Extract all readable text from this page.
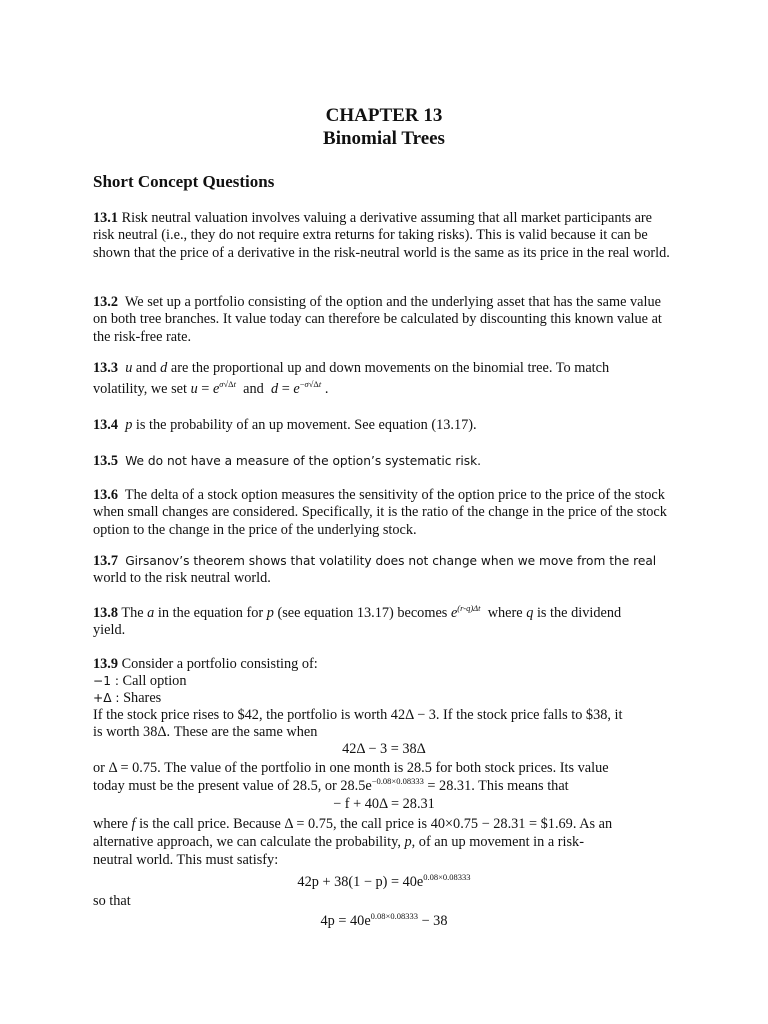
CHAPTER 13
Binomial Trees
Short Concept Questions
13.1 Risk neutral valuation involves valuing a derivative assuming that all market participants are risk neutral (i.e., they do not require extra returns for taking risks). This is valid because it can be shown that the price of a derivative in the risk-neutral world is the same as its price in the real world.
13.2 We set up a portfolio consisting of the option and the underlying asset that has the same value on both tree branches. It value today can therefore be calculated by discounting this known value at the risk-free rate.
13.3 u and d are the proportional up and down movements on the binomial tree. To match
volatility, we set $u = e^{\sigma√\Delta t}$ and $d = e^{-\sigma√\Delta t}$ .
13.4 p is the probability of an up movement. See equation (13.17).
13.5 We do not have a measure of the option’s systematic risk.
13.6 The delta of a stock option measures the sensitivity of the option price to the price of the stock when small changes are considered. Specifically, it is the ratio of the change in the price of the stock option to the change in the price of the underlying stock.
13.7 Girsanov’s theorem shows that volatility does not change when we move from the real
world to the risk neutral world.
13.8 The a in the equation for p (see equation 13.17) becomes $e^{(r-q)\Delta t}$ where q is the dividend
yield.
13.9 Consider a portfolio consisting of:
−1 : Call option
+Δ : Shares
If the stock price rises to $42, the portfolio is worth 42Δ − 3. If the stock price falls to $38, it
is worth 38Δ. These are the same when
42Δ − 3 = 38Δ
or Δ = 0.75. The value of the portfolio in one month is 28.5 for both stock prices. Its value
today must be the present value of 28.5, or $28.5e^{-0.08\times 0.08333} = 28.31$. This means that
− f + 40Δ = 28.31
where f is the call price. Because Δ = 0.75, the call price is 40×0.75 − 28.31 = $1.69. As an
alternative approach, we can calculate the probability, p, of an up movement in a risk-
neutral world. This must satisfy:
$42p + 38(1 - p) = 40e^{0.08\times 0.08333}$
so that
$4p = 40e^{0.08\times 0.08333} - 38$
